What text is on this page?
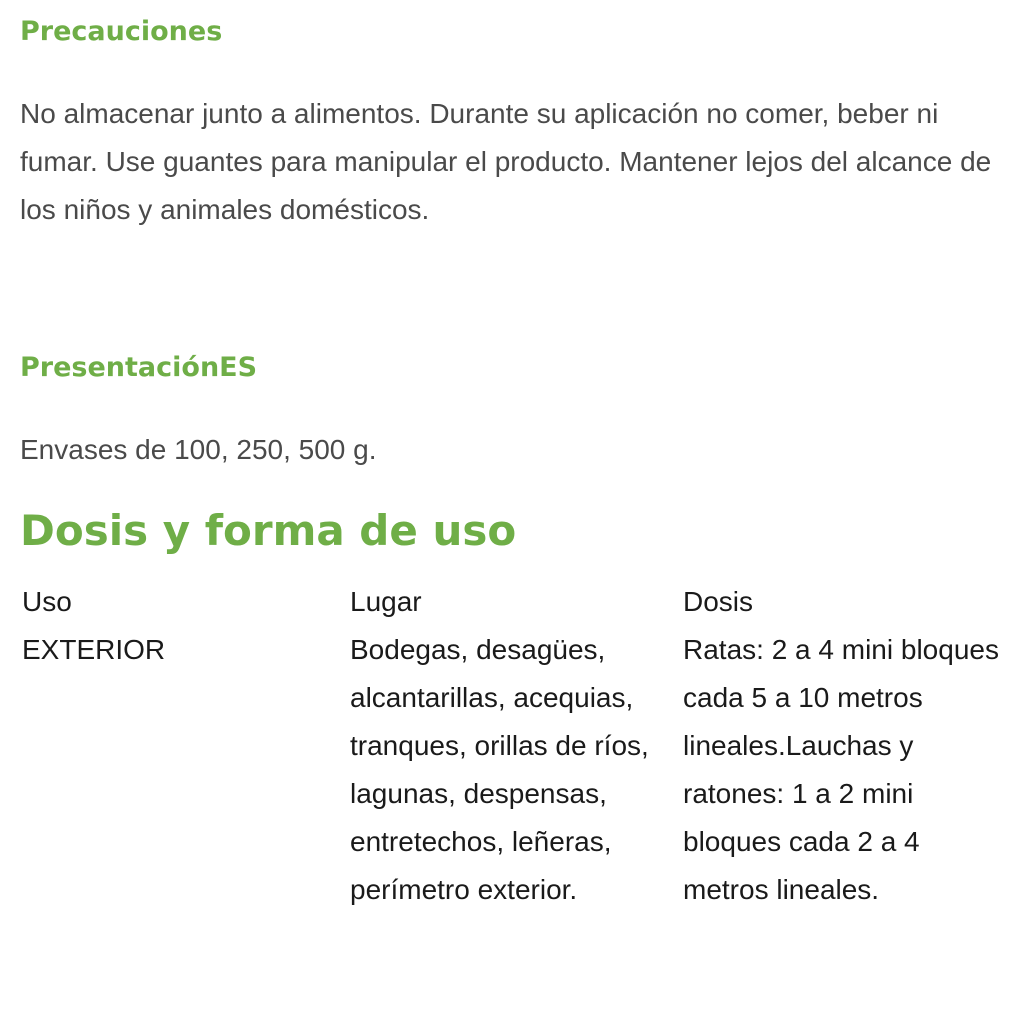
Precauciones

No almacenar junto a alimentos. Durante su aplicación no comer, beber ni fumar. Use guantes para manipular el producto. Mantener lejos del alcance de los niños y animales domésticos.

PresentaciónES

Envases de 100, 250, 500 g.

Dosis y forma de uso
Uso	Lugar	Dosis
EXTERIOR	Bodegas, desagües, alcantarillas, acequias, tranques, orillas de ríos, lagunas, despensas, entretechos, leñeras, perímetro exterior.	Ratas: 2 a 4 mini bloques cada 5 a 10 metros lineales.Lauchas y ratones: 1 a 2 mini bloques cada 2 a 4 metros lineales.
